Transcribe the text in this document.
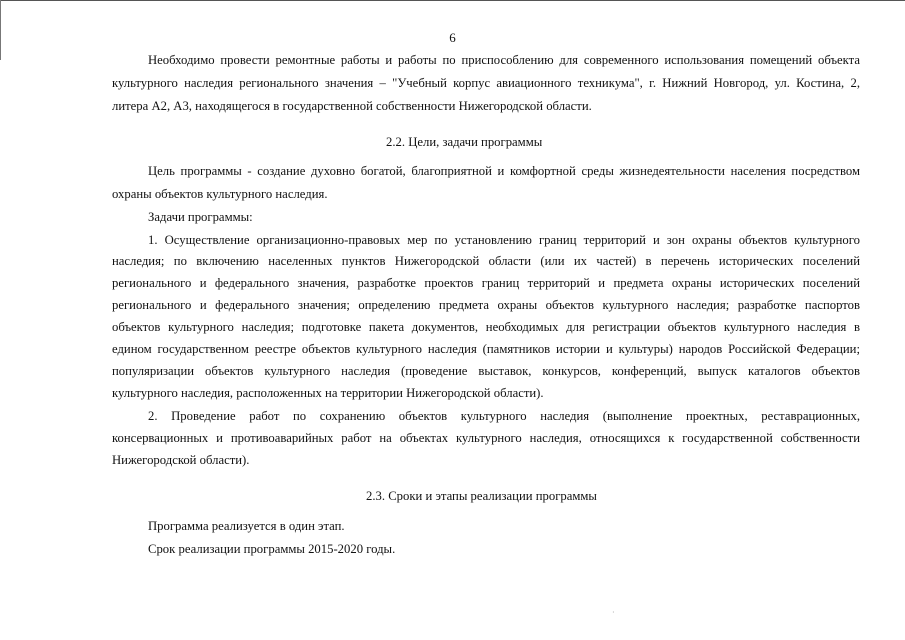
6

Необходимо провести ремонтные работы и работы по приспособлению для современного использования помещений объекта

культурного наследия регионального значения – "Учебный корпус авиационного техникума", г. Нижний Новгород, ул. Костина, 2,

литера А2, А3, находящегося в государственной собственности Нижегородской области.

2.2. Цели, задачи программы

Цель программы - создание духовно богатой, благоприятной и комфортной среды жизнедеятельности населения посредством

охраны объектов культурного наследия.

Задачи программы:

1. Осуществление организационно-правовых мер по установлению границ территорий и зон охраны объектов культурного

наследия; по включению населенных пунктов Нижегородской области (или их частей) в перечень исторических поселений

регионального и федерального значения, разработке проектов границ территорий и предмета охраны исторических поселений

регионального и федерального значения; определению предмета охраны объектов культурного наследия; разработке паспортов

объектов культурного наследия; подготовке пакета документов, необходимых для регистрации объектов культурного наследия в

едином государственном реестре объектов культурного наследия (памятников истории и культуры) народов Российской Федерации;

популяризации объектов культурного наследия (проведение выставок, конкурсов, конференций, выпуск каталогов объектов

культурного наследия, расположенных на территории Нижегородской области).

2. Проведение работ по сохранению объектов культурного наследия (выполнение проектных, реставрационных,

консервационных и противоаварийных работ на объектах культурного наследия, относящихся к государственной собственности

Нижегородской области).

2.3. Сроки и этапы реализации программы

Программа реализуется в один этап.

Срок реализации программы 2015-2020 годы.

·
